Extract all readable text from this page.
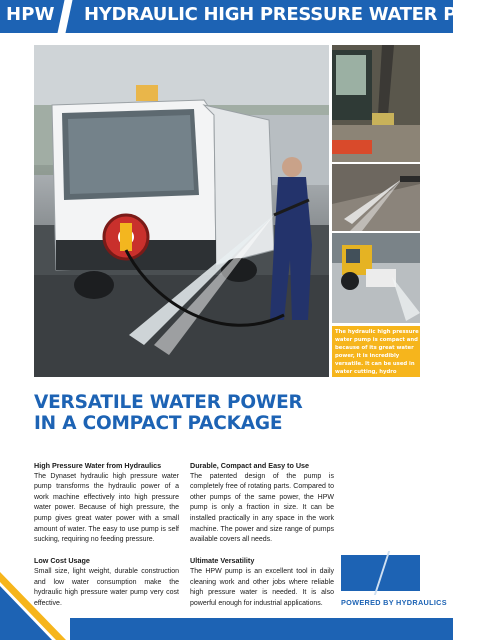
HPW HYDRAULIC HIGH PRESSURE WATER PUMP

The hydraulic high pressure water pump is compact and because of its great water power, it is incredibly versatile. It can be used in water cutting, hydro scaling, street cleaning, and numerous other purposes.

VERSATILE WATER POWER
IN A COMPACT PACKAGE
High Pressure Water from Hydraulics

The Dynaset hydraulic high pressure water pump transforms the hydraulic power of a work machine effectively into high pressure water power. Because of high pressure, the pump gives great water power with a small amount of water. The easy to use pump is self sucking, requiring no feeding pressure.

Low Cost Usage

Small size, light weight, durable construction and low water consumption make the hydraulic high pressure water pump very cost effective.

Durable, Compact and Easy to Use

The patented design of the pump is completely free of rotating parts. Compared to other pumps of the same power, the HPW pump is only a fraction in size. It can be installed practically in any space in the work machine. The power and size range of pumps available covers all needs.

Ultimate Versatility

The HPW pump is an excellent tool in daily cleaning work and other jobs where reliable high pressure water is needed. It is also powerful enough for industrial applications.	POWERED BY HYDRAULICS
